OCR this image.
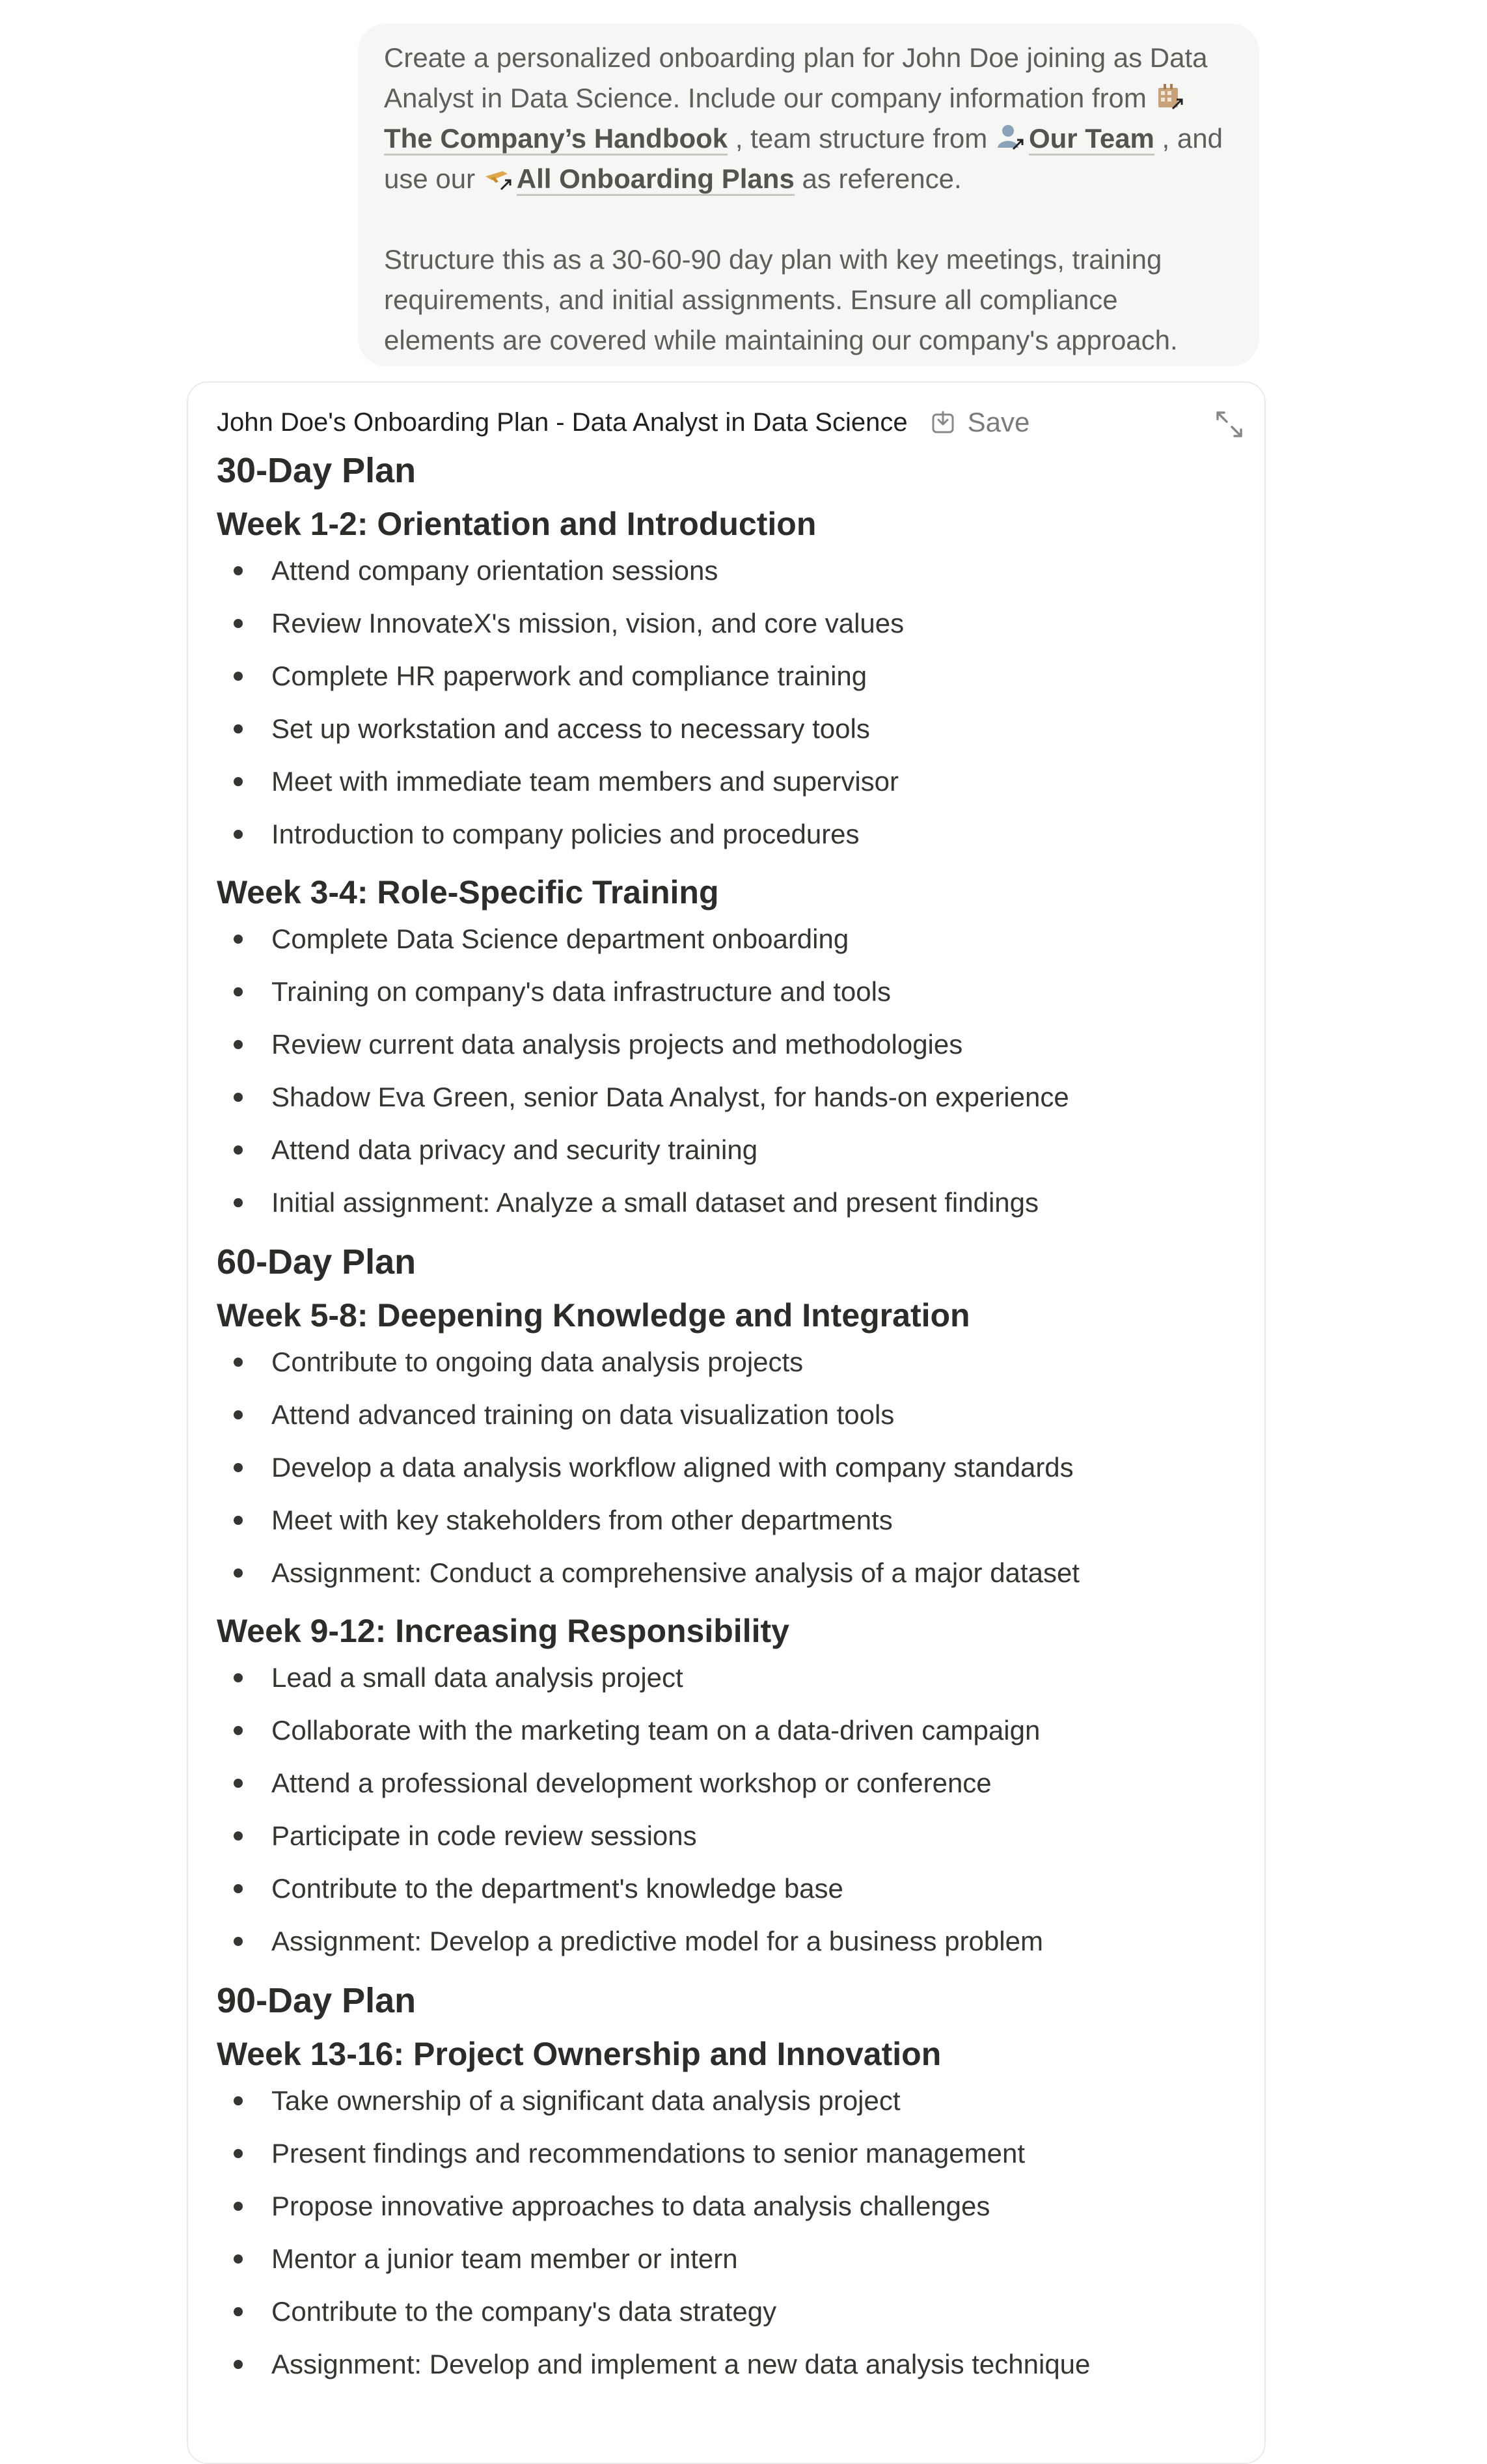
Create a personalized onboarding plan for John Doe joining as Data Analyst in Data Science. Include our company information from
The Company’s Handbook , team structure from
Our Team , and use our
All Onboarding Plans as reference.

Structure this as a 30-60-90 day plan with key meetings, training requirements, and initial assignments. Ensure all compliance elements are covered while maintaining our company's approach.

John Doe's Onboarding Plan - Data Analyst in Data Science Save
30-Day Plan
Week 1-2: Orientation and Introduction
Attend company orientation sessions
Review InnovateX's mission, vision, and core values
Complete HR paperwork and compliance training
Set up workstation and access to necessary tools
Meet with immediate team members and supervisor
Introduction to company policies and procedures
Week 3-4: Role-Specific Training
Complete Data Science department onboarding
Training on company's data infrastructure and tools
Review current data analysis projects and methodologies
Shadow Eva Green, senior Data Analyst, for hands-on experience
Attend data privacy and security training
Initial assignment: Analyze a small dataset and present findings
60-Day Plan
Week 5-8: Deepening Knowledge and Integration
Contribute to ongoing data analysis projects
Attend advanced training on data visualization tools
Develop a data analysis workflow aligned with company standards
Meet with key stakeholders from other departments
Assignment: Conduct a comprehensive analysis of a major dataset
Week 9-12: Increasing Responsibility
Lead a small data analysis project
Collaborate with the marketing team on a data-driven campaign
Attend a professional development workshop or conference
Participate in code review sessions
Contribute to the department's knowledge base
Assignment: Develop a predictive model for a business problem
90-Day Plan
Week 13-16: Project Ownership and Innovation
Take ownership of a significant data analysis project
Present findings and recommendations to senior management
Propose innovative approaches to data analysis challenges
Mentor a junior team member or intern
Contribute to the company's data strategy
Assignment: Develop and implement a new data analysis technique
